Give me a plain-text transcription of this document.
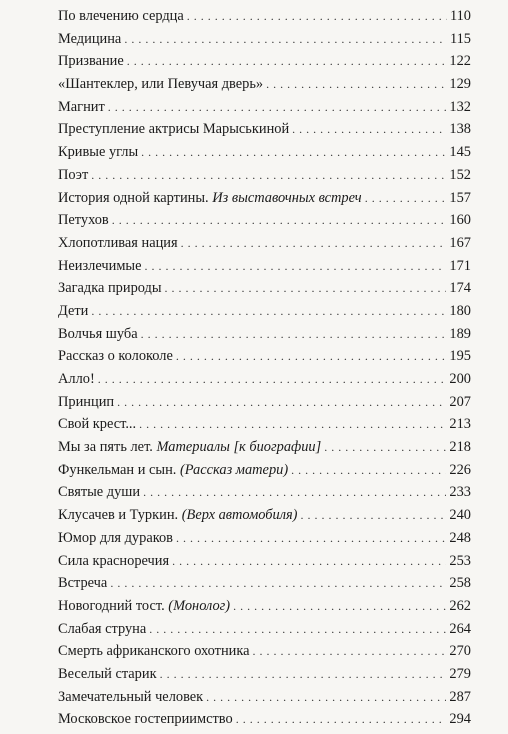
По влечению сердца . . .	110
Медицина . . .	115
Призвание . . .	122
«Шантеклер, или Певучая дверь» . . .	129
Магнит . . .	132
Преступление актрисы Марыськиной . . .	138
Кривые углы . . .	145
Поэт . . .	152
История одной картины. Из выставочных встреч . . .	157
Петухов . . .	160
Хлопотливая нация . . .	167
Неизлечимые . . .	171
Загадка природы . . .	174
Дети . . .	180
Волчья шуба . . .	189
Рассказ о колоколе . . .	195
Алло! . . .	200
Принцип . . .	207
Свой крест... . . .	213
Мы за пять лет. Материалы [к биографии] . . .	218
Функельман и сын. (Рассказ матери) . . .	226
Святые души . . .	233
Клусачев и Туркин. (Верх автомобиля) . . .	240
Юмор для дураков . . .	248
Сила красноречия . . .	253
Встреча . . .	258
Новогодний тост. (Монолог) . . .	262
Слабая струна . . .	264
Смерть африканского охотника . . .	270
Веселый старик . . .	279
Замечательный человек . . .	287
Московское гостеприимство . . .	294
